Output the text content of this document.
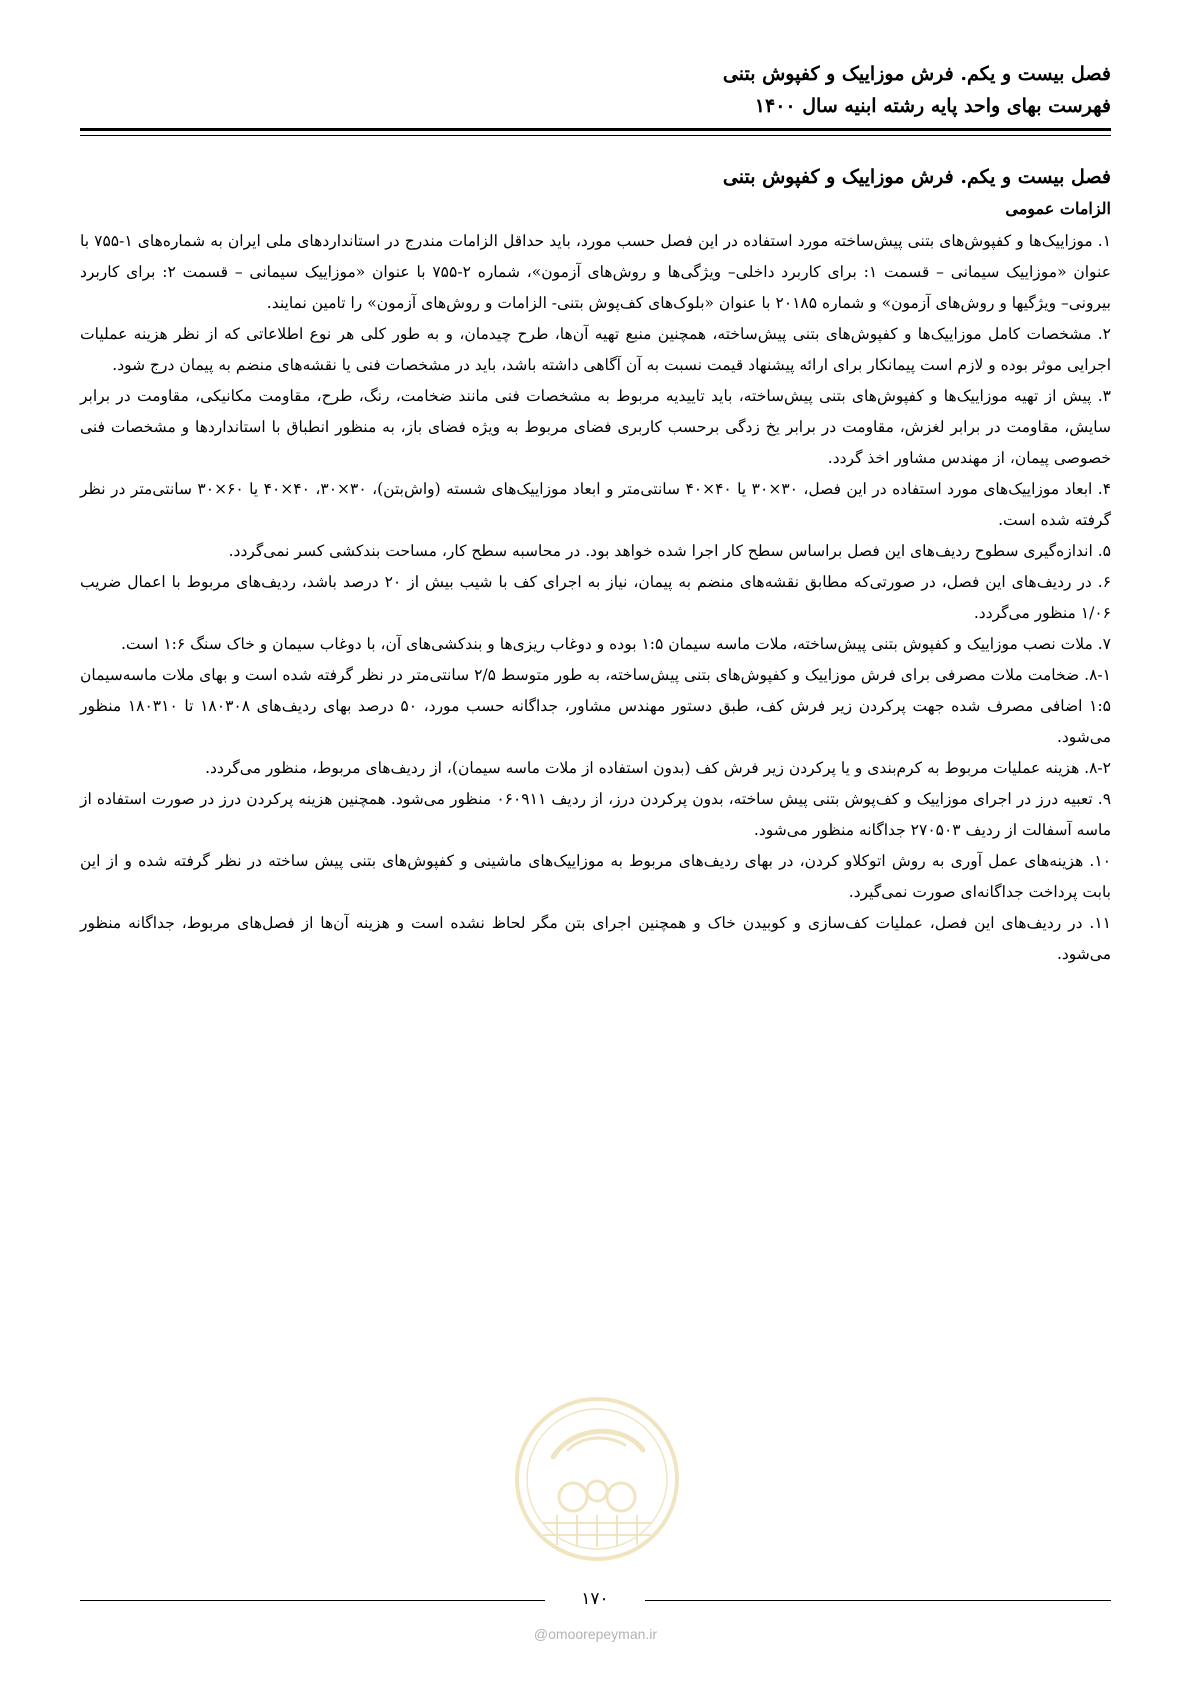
فصل بیست و یکم. فرش موزاییک و کفپوش بتنی
فهرست بهای واحد پایه رشته ابنیه سال ۱۴۰۰
فصل بیست و یکم. فرش موزاییک و کفپوش بتنی
الزامات عمومی

۱. موزاییک‌ها و کفپوش‌های بتنی پیش‌ساخته مورد استفاده در این فصل حسب مورد، باید حداقل الزامات مندرج در استانداردهای ملی ایران به شماره‌های ۱-۷۵۵ با عنوان «موزاییک سیمانی – قسمت ۱: برای کاربرد داخلی– ویژگی‌ها و روش‌های آزمون»، شماره ۲-۷۵۵ با عنوان «موزاییک سیمانی – قسمت ۲: برای کاربرد بیرونی– ویژگیها و روش‌های آزمون» و شماره ۲۰۱۸۵ با عنوان «بلوک‌های کف‌پوش بتنی- الزامات و روش‌های آزمون» را تامین نمایند.

۲. مشخصات کامل موزاییک‌ها و کفپوش‌های بتنی پیش‌ساخته، همچنین منبع تهیه آن‌ها، طرح چیدمان، و به طور کلی هر نوع اطلاعاتی که از نظر هزینه عملیات اجرایی موثر بوده و لازم است پیمانکار برای ارائه پیشنهاد قیمت نسبت به آن آگاهی داشته باشد، باید در مشخصات فنی یا نقشه‌های منضم به پیمان درج شود.

۳. پیش از تهیه موزاییک‌ها و کفپوش‌های بتنی پیش‌ساخته، باید تاییدیه مربوط به مشخصات فنی مانند ضخامت، رنگ، طرح، مقاومت مکانیکی، مقاومت در برابر سایش، مقاومت در برابر لغزش، مقاومت در برابر یخ زدگی برحسب کاربری فضای مربوط به ویژه فضای باز، به منظور انطباق با استانداردها و مشخصات فنی خصوصی پیمان، از مهندس مشاور اخذ گردد.

۴. ابعاد موزاییک‌های مورد استفاده در این فصل، ۳۰×۳۰ یا ۴۰×۴۰ سانتی‌متر و ابعاد موزاییک‌های شسته (واش‌بتن)، ۳۰×۳۰، ۴۰×۴۰ یا ۶۰×۳۰ سانتی‌متر در نظر گرفته شده است.

۵. اندازه‌گیری سطوح ردیف‌های این فصل براساس سطح کار اجرا شده خواهد بود. در محاسبه سطح کار، مساحت بندکشی کسر نمی‌گردد.

۶. در ردیف‌های این فصل، در صورتی‌که مطابق نقشه‌های منضم به پیمان، نیاز به اجرای کف با شیب بیش از ۲۰ درصد باشد، ردیف‌های مربوط با اعمال ضریب ۱/۰۶ منظور می‌گردد.

۷. ملات نصب موزاییک و کفپوش بتنی پیش‌ساخته، ملات ماسه سیمان ۱:۵ بوده و دوغاب ریزی‌ها و بندکشی‌های آن، با دوغاب سیمان و خاک سنگ ۱:۶ است.

۸-۱. ضخامت ملات مصرفی برای فرش موزاییک و کفپوش‌های بتنی پیش‌ساخته، به طور متوسط ۲/۵ سانتی‌متر در نظر گرفته شده است و بهای ملات ماسه‌سیمان ۱:۵ اضافی مصرف شده جهت پرکردن زیر فرش کف، طبق دستور مهندس مشاور، جداگانه حسب مورد، ۵۰ درصد بهای ردیف‌های ۱۸۰۳۰۸ تا ۱۸۰۳۱۰ منظور می‌شود.

۸-۲. هزینه عملیات مربوط به کرم‌بندی و یا پرکردن زیر فرش کف (بدون استفاده از ملات ماسه سیمان)، از ردیف‌های مربوط، منظور می‌گردد.

۹. تعبیه درز در اجرای موزاییک و کف‌پوش بتنی پیش ساخته، بدون پرکردن درز، از ردیف ۰۶۰۹۱۱ منظور می‌شود. همچنین هزینه پرکردن درز در صورت استفاده از ماسه آسفالت از ردیف ۲۷۰۵۰۳ جداگانه منظور می‌شود.

۱۰. هزینه‌های عمل آوری به روش اتوکلاو کردن، در بهای ردیف‌های مربوط به موزاییک‌های ماشینی و کفپوش‌های بتنی پیش ساخته در نظر گرفته شده و از این بابت پرداخت جداگانه‌ای صورت نمی‌گیرد.

۱۱. در ردیف‌های این فصل، عملیات کف‌سازی و کوبیدن خاک و همچنین اجرای بتن مگر لحاظ نشده است و هزینه آن‌ها از فصل‌های مربوط، جداگانه منظور می‌شود.

۱۷۰
@omoorepeyman.ir
